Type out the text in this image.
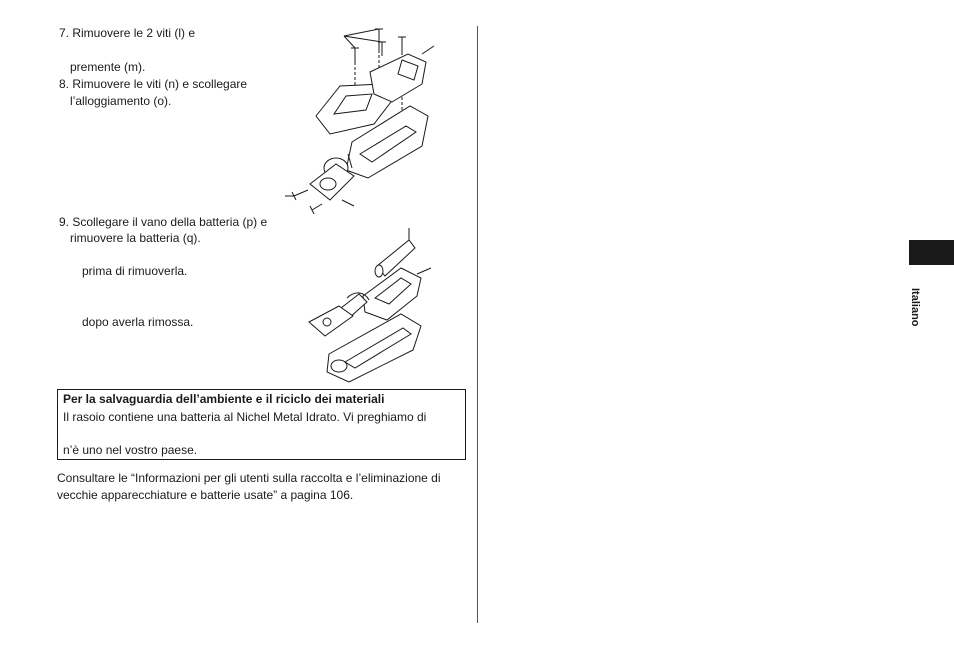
7. Rimuovere le 2 viti (l) e
premente (m).
8. Rimuovere le viti (n) e scollegare
l’alloggiamento (o).
9. Scollegare il vano della batteria (p) e
rimuovere la batteria (q).
prima di rimuoverla.
dopo averla rimossa.
Per la salvaguardia dell’ambiente e il riciclo dei materiali
Il rasoio contiene una batteria al Nichel Metal Idrato. Vi preghiamo di
n’è uno nel vostro paese.
Consultare le “Informazioni per gli utenti sulla raccolta e l’eliminazione di
vecchie apparecchiature e batterie usate” a pagina 106.
Italiano
